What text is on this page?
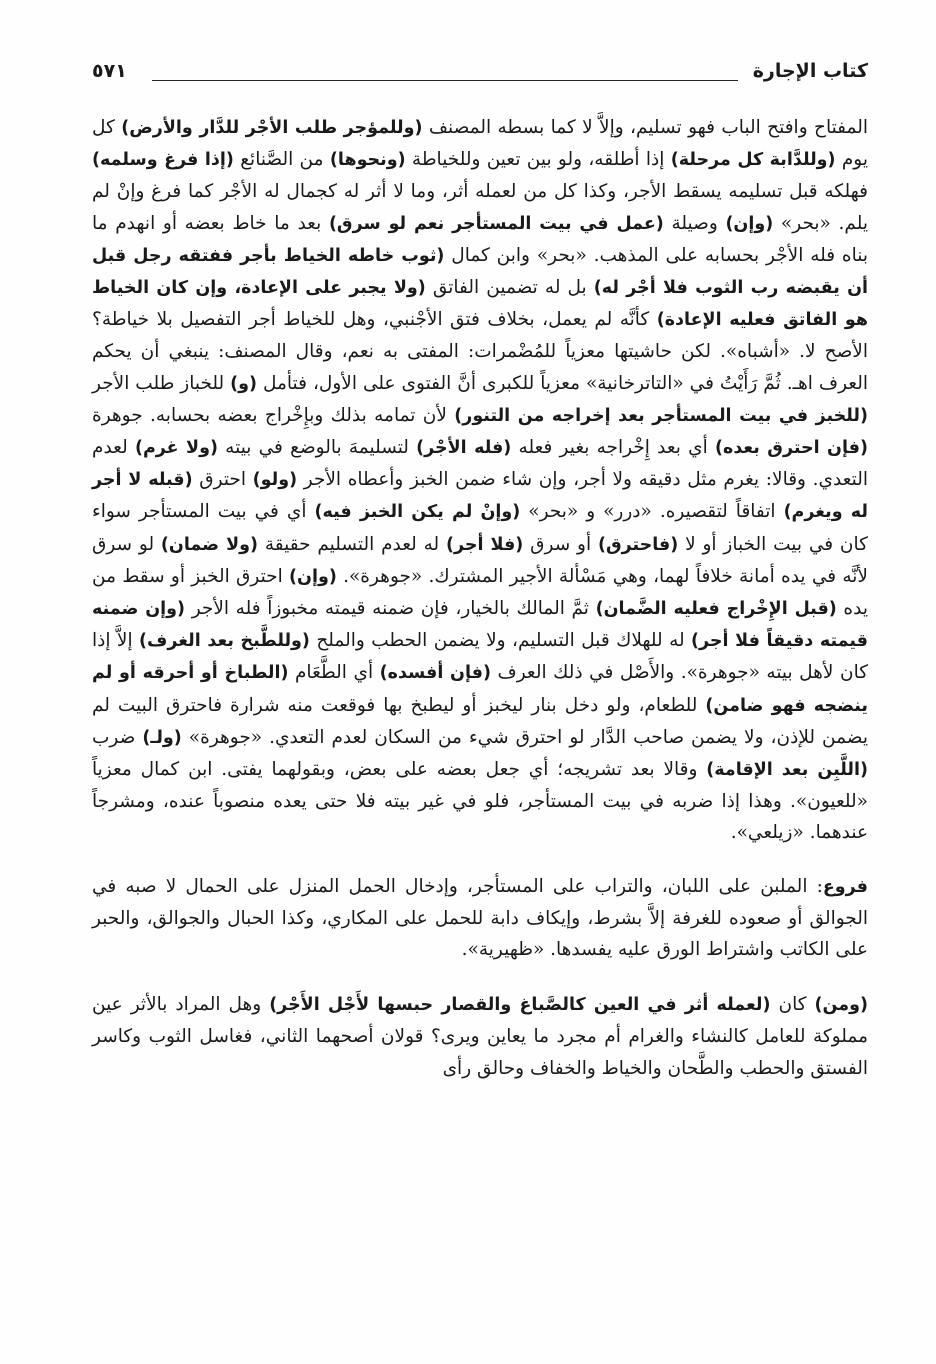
كتاب الإجارة
٥٧١

المفتاح وافتح الباب فهو تسليم، وإلاَّ لا كما بسطه المصنف (وللمؤجر طلب الأجْر للدَّار والأرض) كل يوم (وللدَّابة كل مرحلة) إذا أطلقه، ولو بين تعين وللخياطة (ونحوها) من الصَّنائع (إذا فرغ وسلمه) فهلكه قبل تسليمه يسقط الأجر، وكذا كل من لعمله أثر، وما لا أثر له كجمال له الأجْر كما فرغ وإنْ لم يلم. «بحر» (وإن) وصيلة (عمل في بيت المستأجر نعم لو سرق) بعد ما خاط بعضه أو انهدم ما بناه فله الأجْر بحسابه على المذهب. «بحر» وابن كمال (ثوب خاطه الخياط بأجر ففتقه رجل قبل أن يقبضه رب الثوب فلا أجْر له) بل له تضمين الفاتق (ولا يجبر على الإعادة، وإن كان الخياط هو الفاتق فعليه الإعادة) كأنَّه لم يعمل، بخلاف فتق الأجْنبي، وهل للخياط أجر التفصيل بلا خياطة؟ الأصح لا. «أشباه». لكن حاشيتها معزياً للمُضْمرات: المفتى به نعم، وقال المصنف: ينبغي أن يحكم العرف اهـ. ثُمَّ رَأَيْتُ في «التاترخانية» معزياً للكبرى أنَّ الفتوى على الأول، فتأمل (و) للخباز طلب الأجر (للخبز في بيت المستأجر بعد إخراجه من التنور) لأن تمامه بذلك وبإِخْراج بعضه بحسابه. جوهرة (فإن احترق بعده) أي بعد إِخْراجه بغير فعله (فله الأجْر) لتسليمهَ بالوضع في بيته (ولا غرم) لعدم التعدي. وقالا: يغرم مثل دقيقه ولا أجر، وإن شاء ضمن الخبز وأعطاه الأجر (ولو) احترق (قبله لا أجر له ويغرم) اتفاقاً لتقصيره. «درر» و «بحر» (وإنْ لم يكن الخبز فيه) أي في بيت المستأجر سواء كان في بيت الخباز أو لا (فاحترق) أو سرق (فلا أجر) له لعدم التسليم حقيقة (ولا ضمان) لو سرق لأنَّه في يده أمانة خلافاً لهما، وهي مَسْألة الأجير المشترك. «جوهرة». (وإن) احترق الخبز أو سقط من يده (قبل الإِخْراج فعليه الضَّمان) ثمَّ المالك بالخيار، فإن ضمنه قيمته مخبوزاً فله الأجر (وإن ضمنه قيمته دقيقاً فلا أجر) له للهلاك قبل التسليم، ولا يضمن الحطب والملح (وللطَّبخ بعد الغرف) إلاَّ إذا كان لأهل بيته «جوهرة». والأَصْل في ذلك العرف (فإن أفسده) أي الطَّعَام (الطباخ أو أحرقه أو لم ينضجه فهو ضامن) للطعام، ولو دخل بنار ليخبز أو ليطبخ بها فوقعت منه شرارة فاحترق البيت لم يضمن للإذن، ولا يضمن صاحب الدَّار لو احترق شيء من السكان لعدم التعدي. «جوهرة» (ولـ) ضرب (اللَّبِن بعد الإقامة) وقالا بعد تشريجه؛ أي جعل بعضه على بعض، وبقولهما يفتى. ابن كمال معزياً «للعيون». وهذا إذا ضربه في بيت المستأجر، فلو في غير بيته فلا حتى يعده منصوباً عنده، ومشرجاً عندهما. «زيلعي».

فروع: الملبن على اللبان، والتراب على المستأجر، وإدخال الحمل المنزل على الحمال لا صبه في الجوالق أو صعوده للغرفة إلاَّ بشرط، وإيكاف دابة للحمل على المكاري، وكذا الحبال والجوالق، والحبر على الكاتب واشتراط الورق عليه يفسدها. «ظهيرية».

(ومن) كان (لعمله أثر في العين كالصَّباغ والقصار حبسها لأَجْل الأَجْر) وهل المراد بالأثر عين مملوكة للعامل كالنشاء والغرام أم مجرد ما يعاين ويرى؟ قولان أصحهما الثاني، فغاسل الثوب وكاسر الفستق والحطب والطَّحان والخياط والخفاف وحالق رأى
